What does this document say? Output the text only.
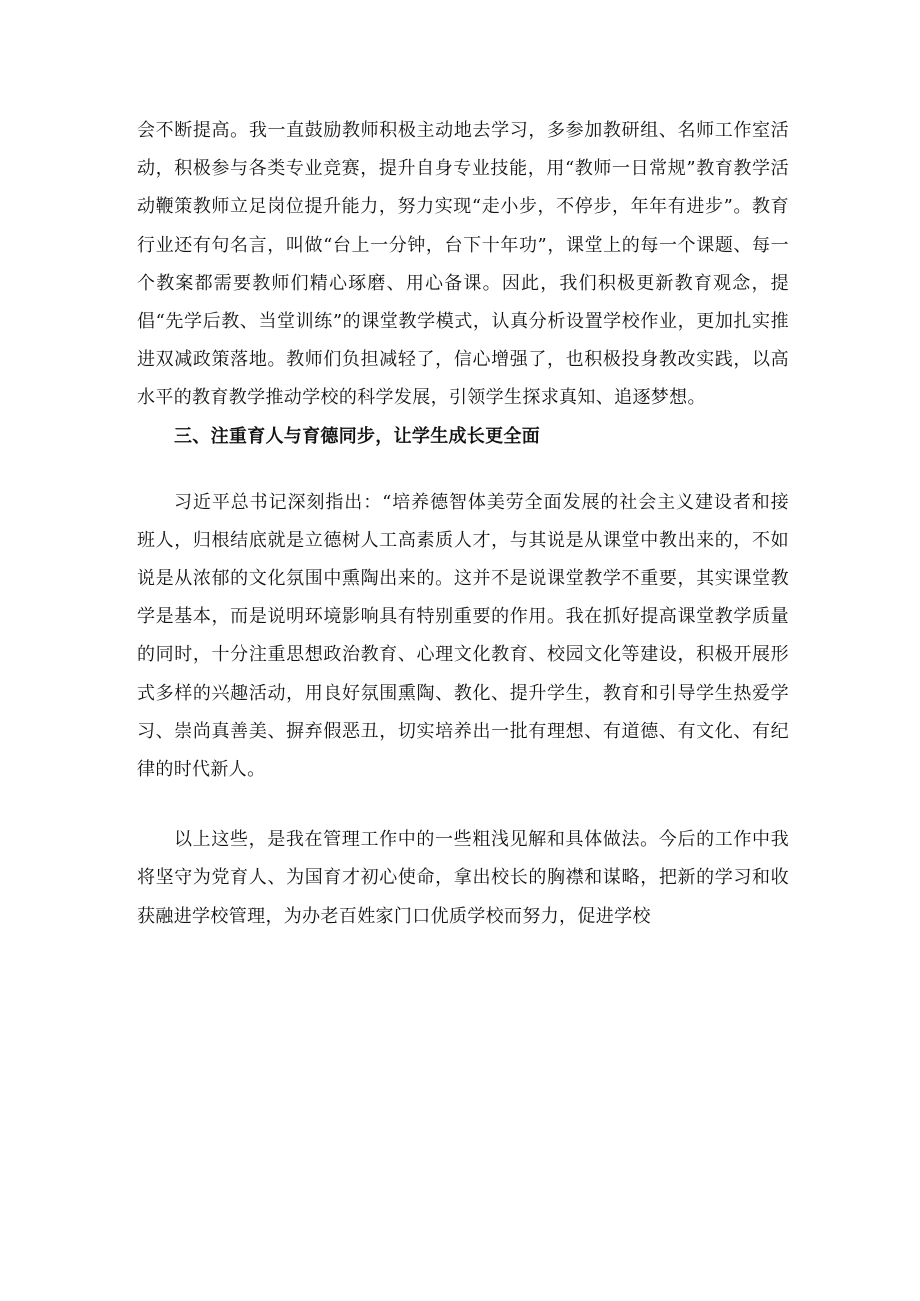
会不断提高。我一直鼓励教师积极主动地去学习，多参加教研组、名师工作室活动，积极参与各类专业竞赛，提升自身专业技能，用“教师一日常规”教育教学活动鞭策教师立足岗位提升能力，努力实现“走小步，不停步，年年有进步”。教育行业还有句名言，叫做“台上一分钟，台下十年功”，课堂上的每一个课题、每一个教案都需要教师们精心琢磨、用心备课。因此，我们积极更新教育观念，提倡“先学后教、当堂训练”的课堂教学模式，认真分析设置学校作业，更加扎实推进双减政策落地。教师们负担减轻了，信心增强了，也积极投身教改实践，以高水平的教育教学推动学校的科学发展，引领学生探求真知、追逐梦想。

三、注重育人与育德同步，让学生成长更全面

习近平总书记深刻指出：“培养德智体美劳全面发展的社会主义建设者和接班人，归根结底就是立德树人工高素质人才，与其说是从课堂中教出来的，不如说是从浓郁的文化氛围中熏陶出来的。这并不是说课堂教学不重要，其实课堂教学是基本，而是说明环境影响具有特别重要的作用。我在抓好提高课堂教学质量的同时，十分注重思想政治教育、心理文化教育、校园文化等建设，积极开展形式多样的兴趣活动，用良好氛围熏陶、教化、提升学生，教育和引导学生热爱学习、崇尚真善美、摒弃假恶丑，切实培养出一批有理想、有道德、有文化、有纪律的时代新人。

以上这些，是我在管理工作中的一些粗浅见解和具体做法。今后的工作中我将坚守为党育人、为国育才初心使命，拿出校长的胸襟和谋略，把新的学习和收获融进学校管理，为办老百姓家门口优质学校而努力，促进学校
